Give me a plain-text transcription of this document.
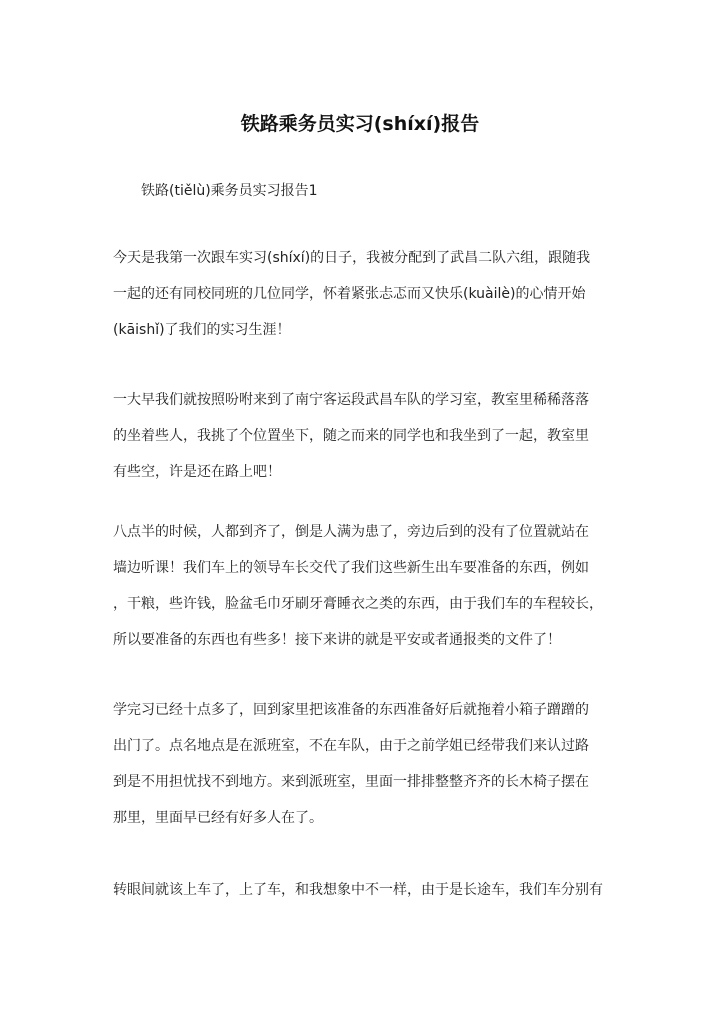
铁路乘务员实习(shíxí)报告
铁路(tiělù)乘务员实习报告1
今天是我第一次跟车实习(shíxí)的日子，我被分配到了武昌二队六组，跟随我
一起的还有同校同班的几位同学，怀着紧张忐忑而又快乐(kuàilè)的心情开始
(kāishǐ)了我们的实习生涯！
一大早我们就按照吩咐来到了南宁客运段武昌车队的学习室，教室里稀稀落落
的坐着些人，我挑了个位置坐下，随之而来的同学也和我坐到了一起，教室里
有些空，许是还在路上吧！
八点半的时候，人都到齐了，倒是人满为患了，旁边后到的没有了位置就站在
墙边听课！我们车上的领导车长交代了我们这些新生出车要准备的东西，例如
，干粮，些许钱，脸盆毛巾牙刷牙膏睡衣之类的东西，由于我们车的车程较长，
所以要准备的东西也有些多！接下来讲的就是平安或者通报类的文件了！
学完习已经十点多了，回到家里把该准备的东西准备好后就拖着小箱子蹭蹭的
出门了。点名地点是在派班室，不在车队，由于之前学姐已经带我们来认过路
到是不用担忧找不到地方。来到派班室，里面一排排整整齐齐的长木椅子摆在
那里，里面早已经有好多人在了。
转眼间就该上车了，上了车，和我想象中不一样，由于是长途车，我们车分别有
